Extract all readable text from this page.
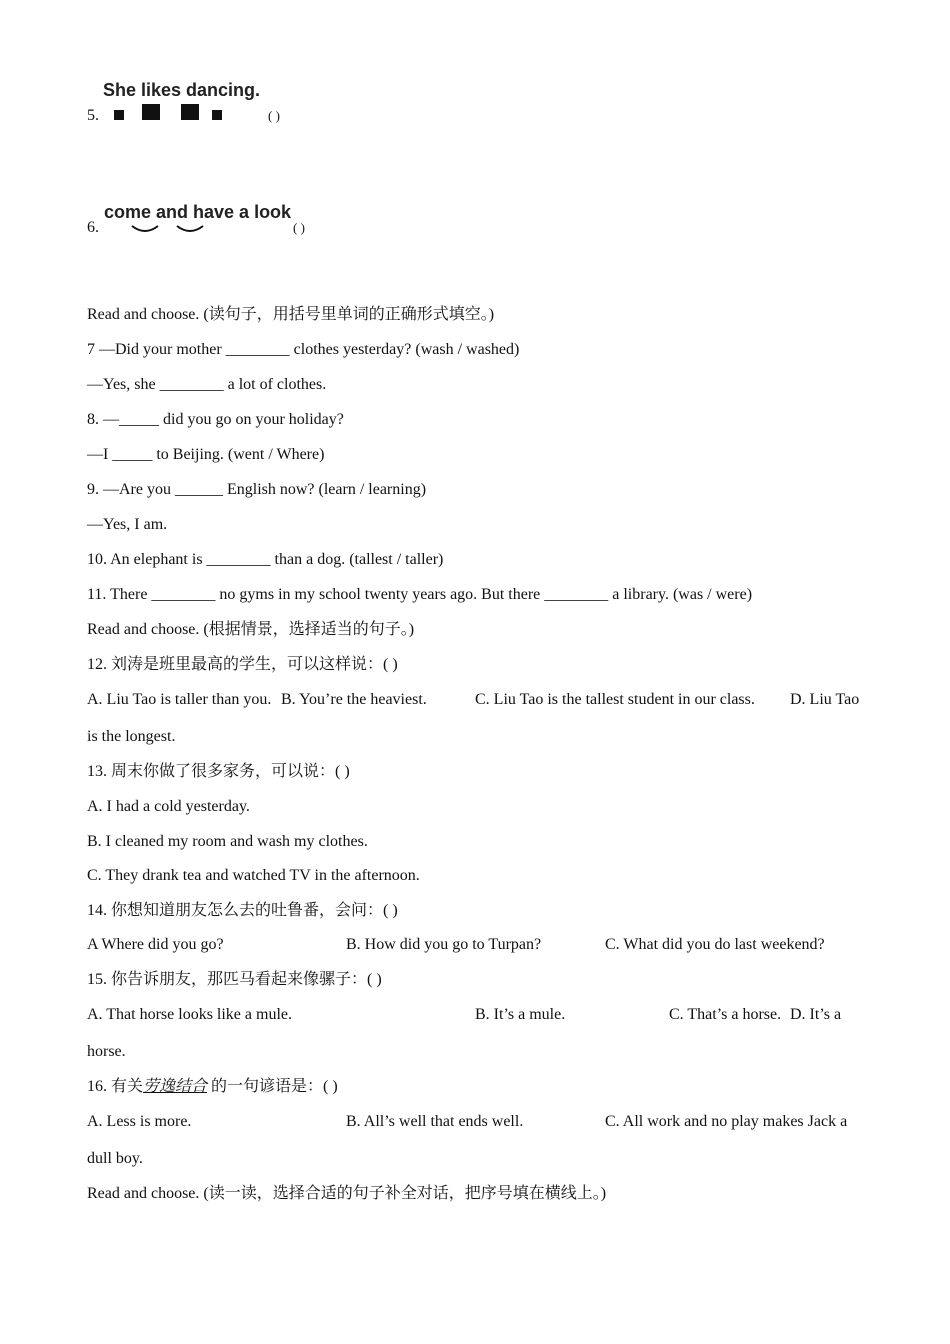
She likes dancing.
5.	( )
come and have a look
6.	( )
Read and choose. (读句子，用括号里单词的正确形式填空。)
7 —Did your mother ________ clothes yesterday? (wash / washed)
—Yes, she ________ a lot of clothes.
8. —_____ did you go on your holiday?
—I _____ to Beijing. (went / Where)
9. —Are you ______ English now? (learn / learning)
—Yes, I am.
10. An elephant is ________ than a dog. (tallest / taller)
11. There ________ no gyms in my school twenty years ago. But there ________ a library. (was / were)
Read and choose. (根据情景，选择适当的句子。)
12. 刘涛是班里最高的学生，可以这样说：( )
A. Liu Tao is taller than you. B. You’re the heaviest.	C. Liu Tao is the tallest student in our class. D. Liu Tao
is the longest.
13. 周末你做了很多家务，可以说：( )
A. I had a cold yesterday.
B. I cleaned my room and wash my clothes.
C. They drank tea and watched TV in the afternoon.
14. 你想知道朋友怎么去的吐鲁番，会问：( )
A Where did you go?	B. How did you go to Turpan?	C. What did you do last weekend?
15. 你告诉朋友，那匹马看起来像骡子：( )
A. That horse looks like a mule.	B. It’s a mule.	C. That’s a horse. D. It’s a
horse.
16. 有关劳逸结合 的一句谚语是：( )
A. Less is more.	B. All’s well that ends well.	C. All work and no play makes Jack a
dull boy.
Read and choose. (读一读，选择合适的句子补全对话，把序号填在横线上。)
